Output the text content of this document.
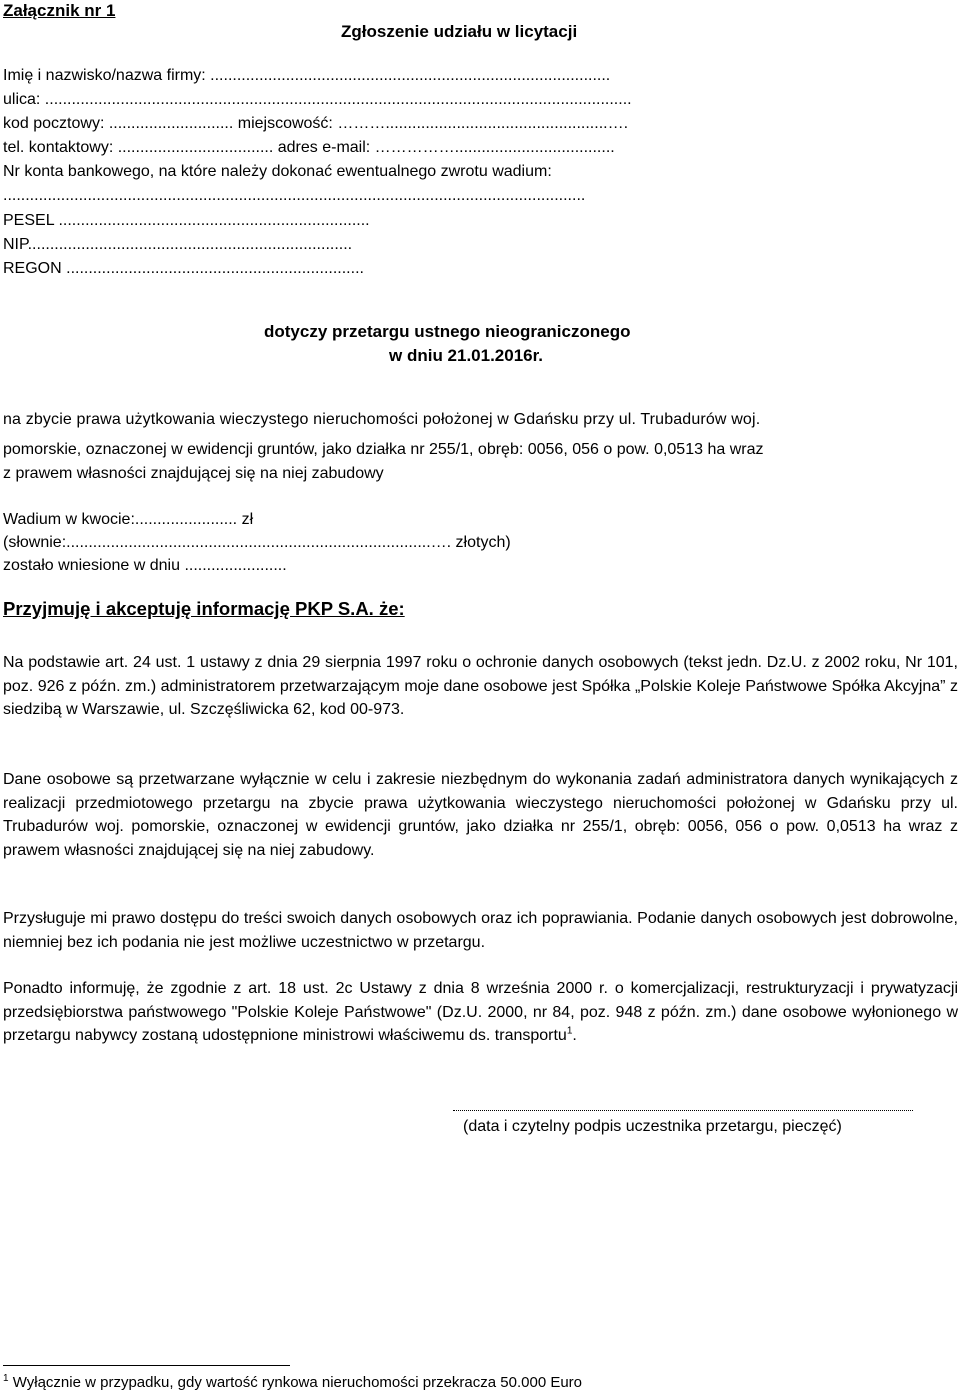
Załącznik nr 1
Zgłoszenie udziału w licytacji
Imię i nazwisko/nazwa firmy: ..........................................................................................
ulica: ....................................................................................................................................
kod pocztowy: ............................ miejscowość: ………..................................................….
tel. kontaktowy: ................................... adres e-mail: ……………....................................
Nr konta bankowego, na które należy dokonać ewentualnego zwrotu wadium:
...................................................................................................................................
PESEL ......................................................................
NIP.........................................................................
REGON ...................................................................
dotyczy przetargu ustnego nieograniczonego
w dniu 21.01.2016r.
na zbycie prawa użytkowania wieczystego nieruchomości położonej w Gdańsku przy ul. Trubadurów woj.
pomorskie, oznaczonej w ewidencji gruntów, jako działka nr 255/1, obręb: 0056, 056 o pow. 0,0513 ha wraz
z prawem własności znajdującej się na niej zabudowy
Wadium w kwocie:....................... zł
(słownie:..................................................................................…. złotych)
zostało wniesione w dniu .......................
Przyjmuję i akceptuję informację PKP S.A. że:
Na podstawie art. 24 ust. 1 ustawy z dnia 29 sierpnia 1997 roku o ochronie danych osobowych (tekst jedn. Dz.U. z 2002 roku, Nr 101, poz. 926 z późn. zm.) administratorem przetwarzającym moje dane osobowe jest Spółka „Polskie Koleje Państwowe Spółka Akcyjna” z siedzibą w Warszawie, ul. Szczęśliwicka 62, kod 00-973.
Dane osobowe są przetwarzane wyłącznie w celu i zakresie niezbędnym do wykonania zadań administratora danych wynikających z realizacji przedmiotowego przetargu na zbycie prawa użytkowania wieczystego nieruchomości położonej w Gdańsku przy ul. Trubadurów woj. pomorskie, oznaczonej w ewidencji gruntów, jako działka nr 255/1, obręb: 0056, 056 o pow. 0,0513 ha wraz z prawem własności znajdującej się na niej zabudowy.
Przysługuje mi prawo dostępu do treści swoich danych osobowych oraz ich poprawiania. Podanie danych osobowych jest dobrowolne, niemniej bez ich podania nie jest możliwe uczestnictwo w przetargu.
Ponadto informuję, że zgodnie z art. 18 ust. 2c Ustawy z dnia 8 września 2000 r. o komercjalizacji, restrukturyzacji i prywatyzacji przedsiębiorstwa państwowego "Polskie Koleje Państwowe" (Dz.U. 2000, nr 84, poz. 948 z późn. zm.) dane osobowe wyłonionego w przetargu nabywcy zostaną udostępnione ministrowi właściwemu ds. transportu$^1$.
(data i czytelny podpis uczestnika przetargu, pieczęć)
$^1$ Wyłącznie w przypadku, gdy wartość rynkowa nieruchomości przekracza 50.000 Euro
